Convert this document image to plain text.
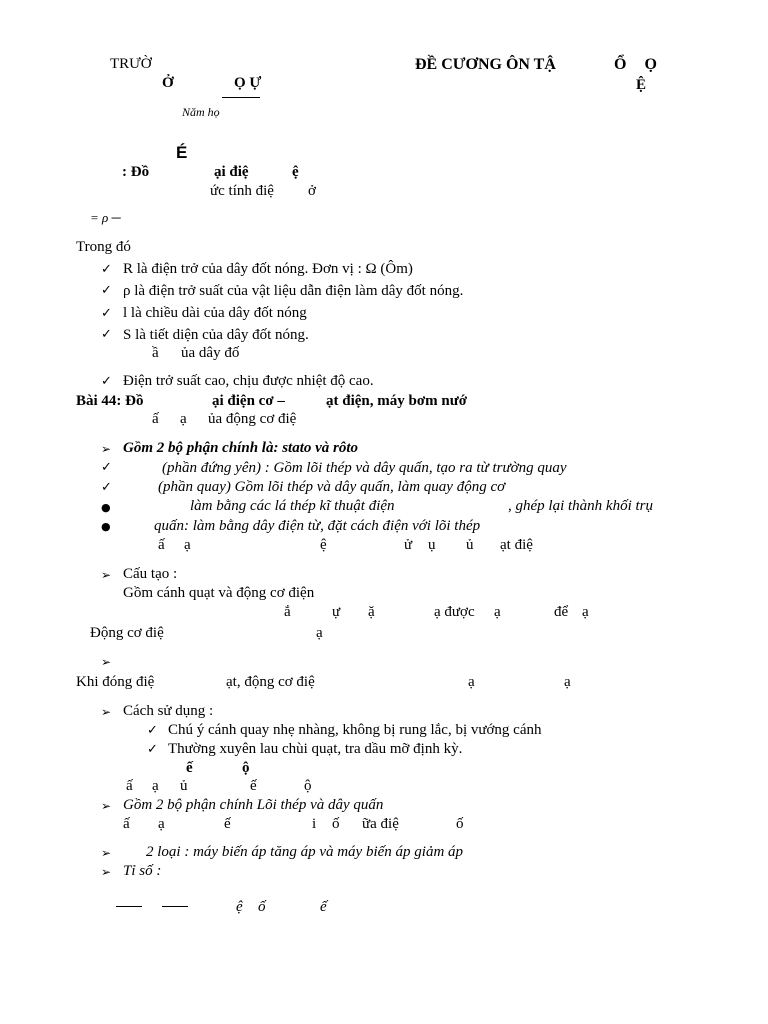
TRƯỜ
Ở	Ọ Ự
ĐỀ CƯƠNG ÔN TẬ	Ổ Ọ
Ệ
Năm họ
É
: Đồ	ại điệ	ệ
ức tính điệ ở
= ρ ─
Trong đó
✓ R là điện trở của dây đốt nóng. Đơn vị : Ω (Ôm)
✓ ρ là điện trở suất của vật liệu dẫn điện làm dây đốt nóng.
✓ l là chiều dài của dây đốt nóng
✓ S là tiết diện của dây đốt nóng.
ầ ủa dây đố
✓ Điện trở suất cao, chịu được nhiệt độ cao.
Bài 44: Đồ	ại điện cơ –	ạt điện, máy bơm nướ
ấ ạ ủa động cơ điệ
➢ Gồm 2 bộ phận chính là: stato và rôto
✓	(phần đứng yên) : Gồm lõi thép và dây quấn, tạo ra từ trường quay
✓	(phần quay) Gồm lõi thép và dây quấn, làm quay động cơ
●	làm bằng các lá thép kĩ thuật điện	, ghép lại thành khối trụ
●	quấn: làm bằng dây điện từ, đặt cách điện với lõi thép
ấ ạ	ệ	ử ụ ủ ạt điệ
➢ Cấu tạo :
Gồm cánh quạt và động cơ điện
ắ	ự ặ	ạ được ạ	để ạ
Động cơ điệ	ạ
➢
Khi đóng điệ	ạt, động cơ điệ	ạ	ạ
➢ Cách sử dụng :
✓ Chú ý cánh quay nhẹ nhàng, không bị rung lắc, bị vướng cánh
✓ Thường xuyên lau chùi quạt, tra dầu mỡ định kỳ.
ế	ộ
ấ ạ ủ	ế	ộ
➢ Gồm 2 bộ phận chính Lõi thép và dây quấn
ấ ạ	ế	i ố ữa điệ	ố
➢ 2 loại : máy biến áp tăng áp và máy biến áp giảm áp
➢ Tỉ số :
ệ ố	ế
